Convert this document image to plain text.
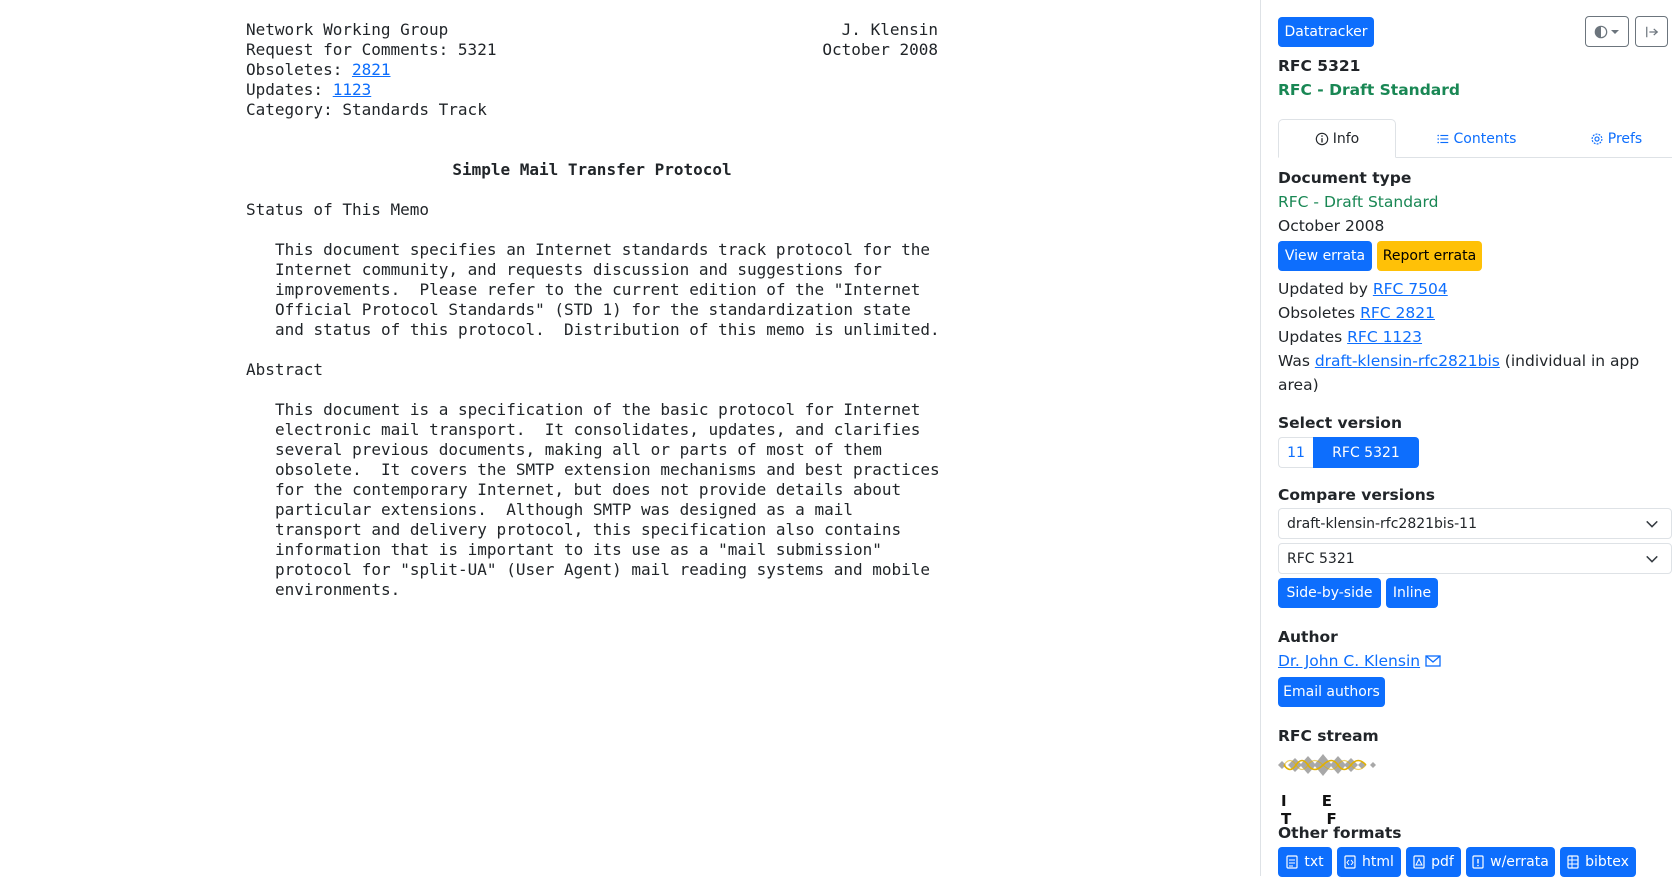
Network Working Group	J. Klensin
Request for Comments: 5321	October 2008
Obsoletes: 2821
Updates: 1123
Category: Standards Track
Simple Mail Transfer Protocol
Status of This Memo
This document specifies an Internet standards track protocol for the
Internet community, and requests discussion and suggestions for
improvements.  Please refer to the current edition of the "Internet
Official Protocol Standards" (STD 1) for the standardization state
and status of this protocol.  Distribution of this memo is unlimited.
Abstract
This document is a specification of the basic protocol for Internet
electronic mail transport.  It consolidates, updates, and clarifies
several previous documents, making all or parts of most of them
obsolete.  It covers the SMTP extension mechanisms and best practices
for the contemporary Internet, but does not provide details about
particular extensions.  Although SMTP was designed as a mail
transport and delivery protocol, this specification also contains
information that is important to its use as a "mail submission"
protocol for "split-UA" (User Agent) mail reading systems and mobile
environments.
Datatracker
RFC 5321
RFC - Draft Standard
Info	Contents	Prefs
Document type
RFC - Draft Standard
October 2008
View errata	Report errata
Updated by RFC 7504
Obsoletes RFC 2821
Updates RFC 1123
Was draft-klensin-rfc2821bis (individual in app
area)
Select version
11	RFC 5321
Compare versions
draft-klensin-rfc2821bis-11
RFC 5321
Side-by-side	Inline
Author
Dr. John C. Klensin
Email authors
RFC stream
I E T F
Other formats
txt	html	pdf	w/errata	bibtex
